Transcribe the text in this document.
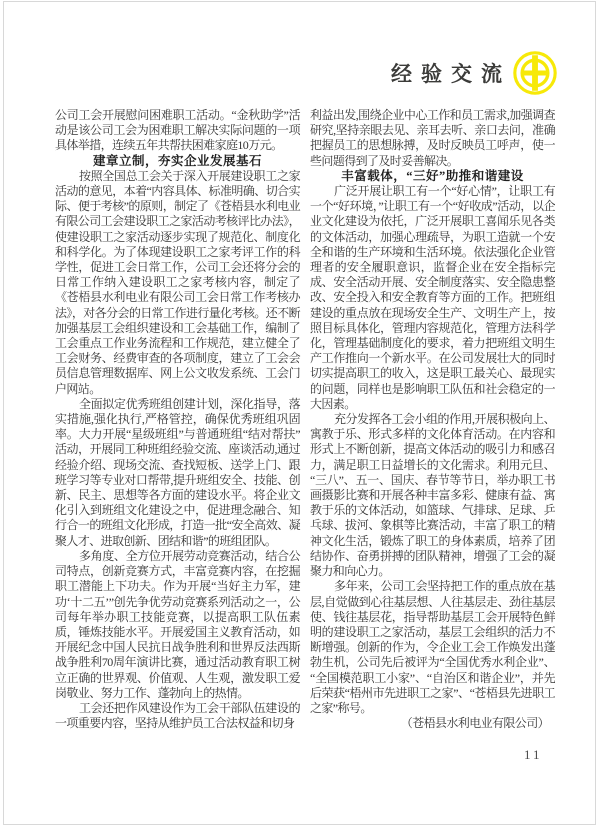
经验交流

公司工会开展慰问困难职工活动。“金秋助学”活动是该公司工会为困难职工解决实际问题的一项具体举措，连续五年共帮扶困难家庭10万元。

建章立制，夯实企业发展基石

按照全国总工会关于深入开展建设职工之家活动的意见，本着“内容具体、标准明确、切合实际、便于考核”的原则，制定了《苍梧县水利电业有限公司工会建设职工之家活动考核评比办法》，使建设职工之家活动逐步实现了规范化、制度化和科学化。为了体现建设职工之家考评工作的科学性，促进工会日常工作，公司工会还将分会的日常工作纳入建设职工之家考核内容，制定了《苍梧县水利电业有限公司工会日常工作考核办法》，对各分会的日常工作进行量化考核。还不断加强基层工会组织建设和工会基础工作，编制了工会重点工作业务流程和工作规范，建立健全了工会财务、经费审查的各项制度，建立了工会会员信息管理数据库、网上公文收发系统、工会门户网站。

全面拟定优秀班组创建计划，深化指导，落实措施,强化执行,严格管控，确保优秀班组巩固率。大力开展“星级班组”与普通班组“结对帮扶”活动，开展同工种班组经验交流、座谈活动,通过经验介绍、现场交流、查找短板、送学上门、跟班学习等专业对口帮带,提升班组安全、技能、创新、民主、思想等各方面的建设水平。将企业文化引入到班组文化建设之中，促进理念融合、知行合一的班组文化形成，打造一批“安全高效、凝聚人才、进取创新、团结和谐”的班组团队。

多角度、全方位开展劳动竞赛活动，结合公司特点，创新竞赛方式，丰富竞赛内容，在挖掘职工潜能上下功夫。作为开展“当好主力军，建功‘十二五’”创先争优劳动竞赛系列活动之一，公司每年举办职工技能竞赛，以提高职工队伍素质，锤炼技能水平。开展爱国主义教育活动，如开展纪念中国人民抗日战争胜利和世界反法西斯战争胜利70周年演讲比赛，通过活动教育职工树立正确的世界观、价值观、人生观，激发职工爱岗敬业、努力工作、蓬勃向上的热情。

工会还把作风建设作为工会干部队伍建设的一项重要内容，坚持从维护员工合法权益和切身

利益出发,围绕企业中心工作和员工需求,加强调查研究,坚持亲眼去见、亲耳去听、亲口去问，准确把握员工的思想脉搏，及时反映员工呼声，使一些问题得到了及时妥善解决。

丰富载体，“三好”助推和谐建设

广泛开展让职工有一个“好心情”，让职工有一个“好环境，”让职工有一个“好收成”活动，以企业文化建设为依托，广泛开展职工喜闻乐见各类的文体活动，加强心理疏导，为职工造就一个安全和谐的生产环境和生活环境。依法强化企业管理者的安全履职意识，监督企业在安全指标完成、安全活动开展、安全制度落实、安全隐患整改、安全投入和安全教育等方面的工作。把班组建设的重点放在现场安全生产、文明生产上，按照目标具体化，管理内容规范化，管理方法科学化，管理基础制度化的要求，着力把班组文明生产工作推向一个新水平。在公司发展壮大的同时切实提高职工的收入，这是职工最关心、最现实的问题，同样也是影响职工队伍和社会稳定的一大因素。

充分发挥各工会小组的作用,开展积极向上、寓教于乐、形式多样的文化体育活动。在内容和形式上不断创新，提高文体活动的吸引力和感召力，满足职工日益增长的文化需求。利用元旦、“三八”、五一、国庆、春节等节日，举办职工书画摄影比赛和开展各种丰富多彩、健康有益、寓教于乐的文体活动，如篮球、气排球、足球、乒乓球、拔河、象棋等比赛活动，丰富了职工的精神文化生活，锻炼了职工的身体素质，培养了团结协作、奋勇拼搏的团队精神，增强了工会的凝聚力和向心力。

多年来，公司工会坚持把工作的重点放在基层,自觉做到心往基层想、人往基层走、劲往基层使、钱往基层花，指导帮助基层工会开展特色鲜明的建设职工之家活动，基层工会组织的活力不断增强。创新的作为，令企业工会工作焕发出蓬勃生机，公司先后被评为“全国优秀水利企业”、“全国模范职工小家”、“自治区和谐企业”，并先后荣获“梧州市先进职工之家”、“苍梧县先进职工之家”称号。

（苍梧县水利电业有限公司）

11
